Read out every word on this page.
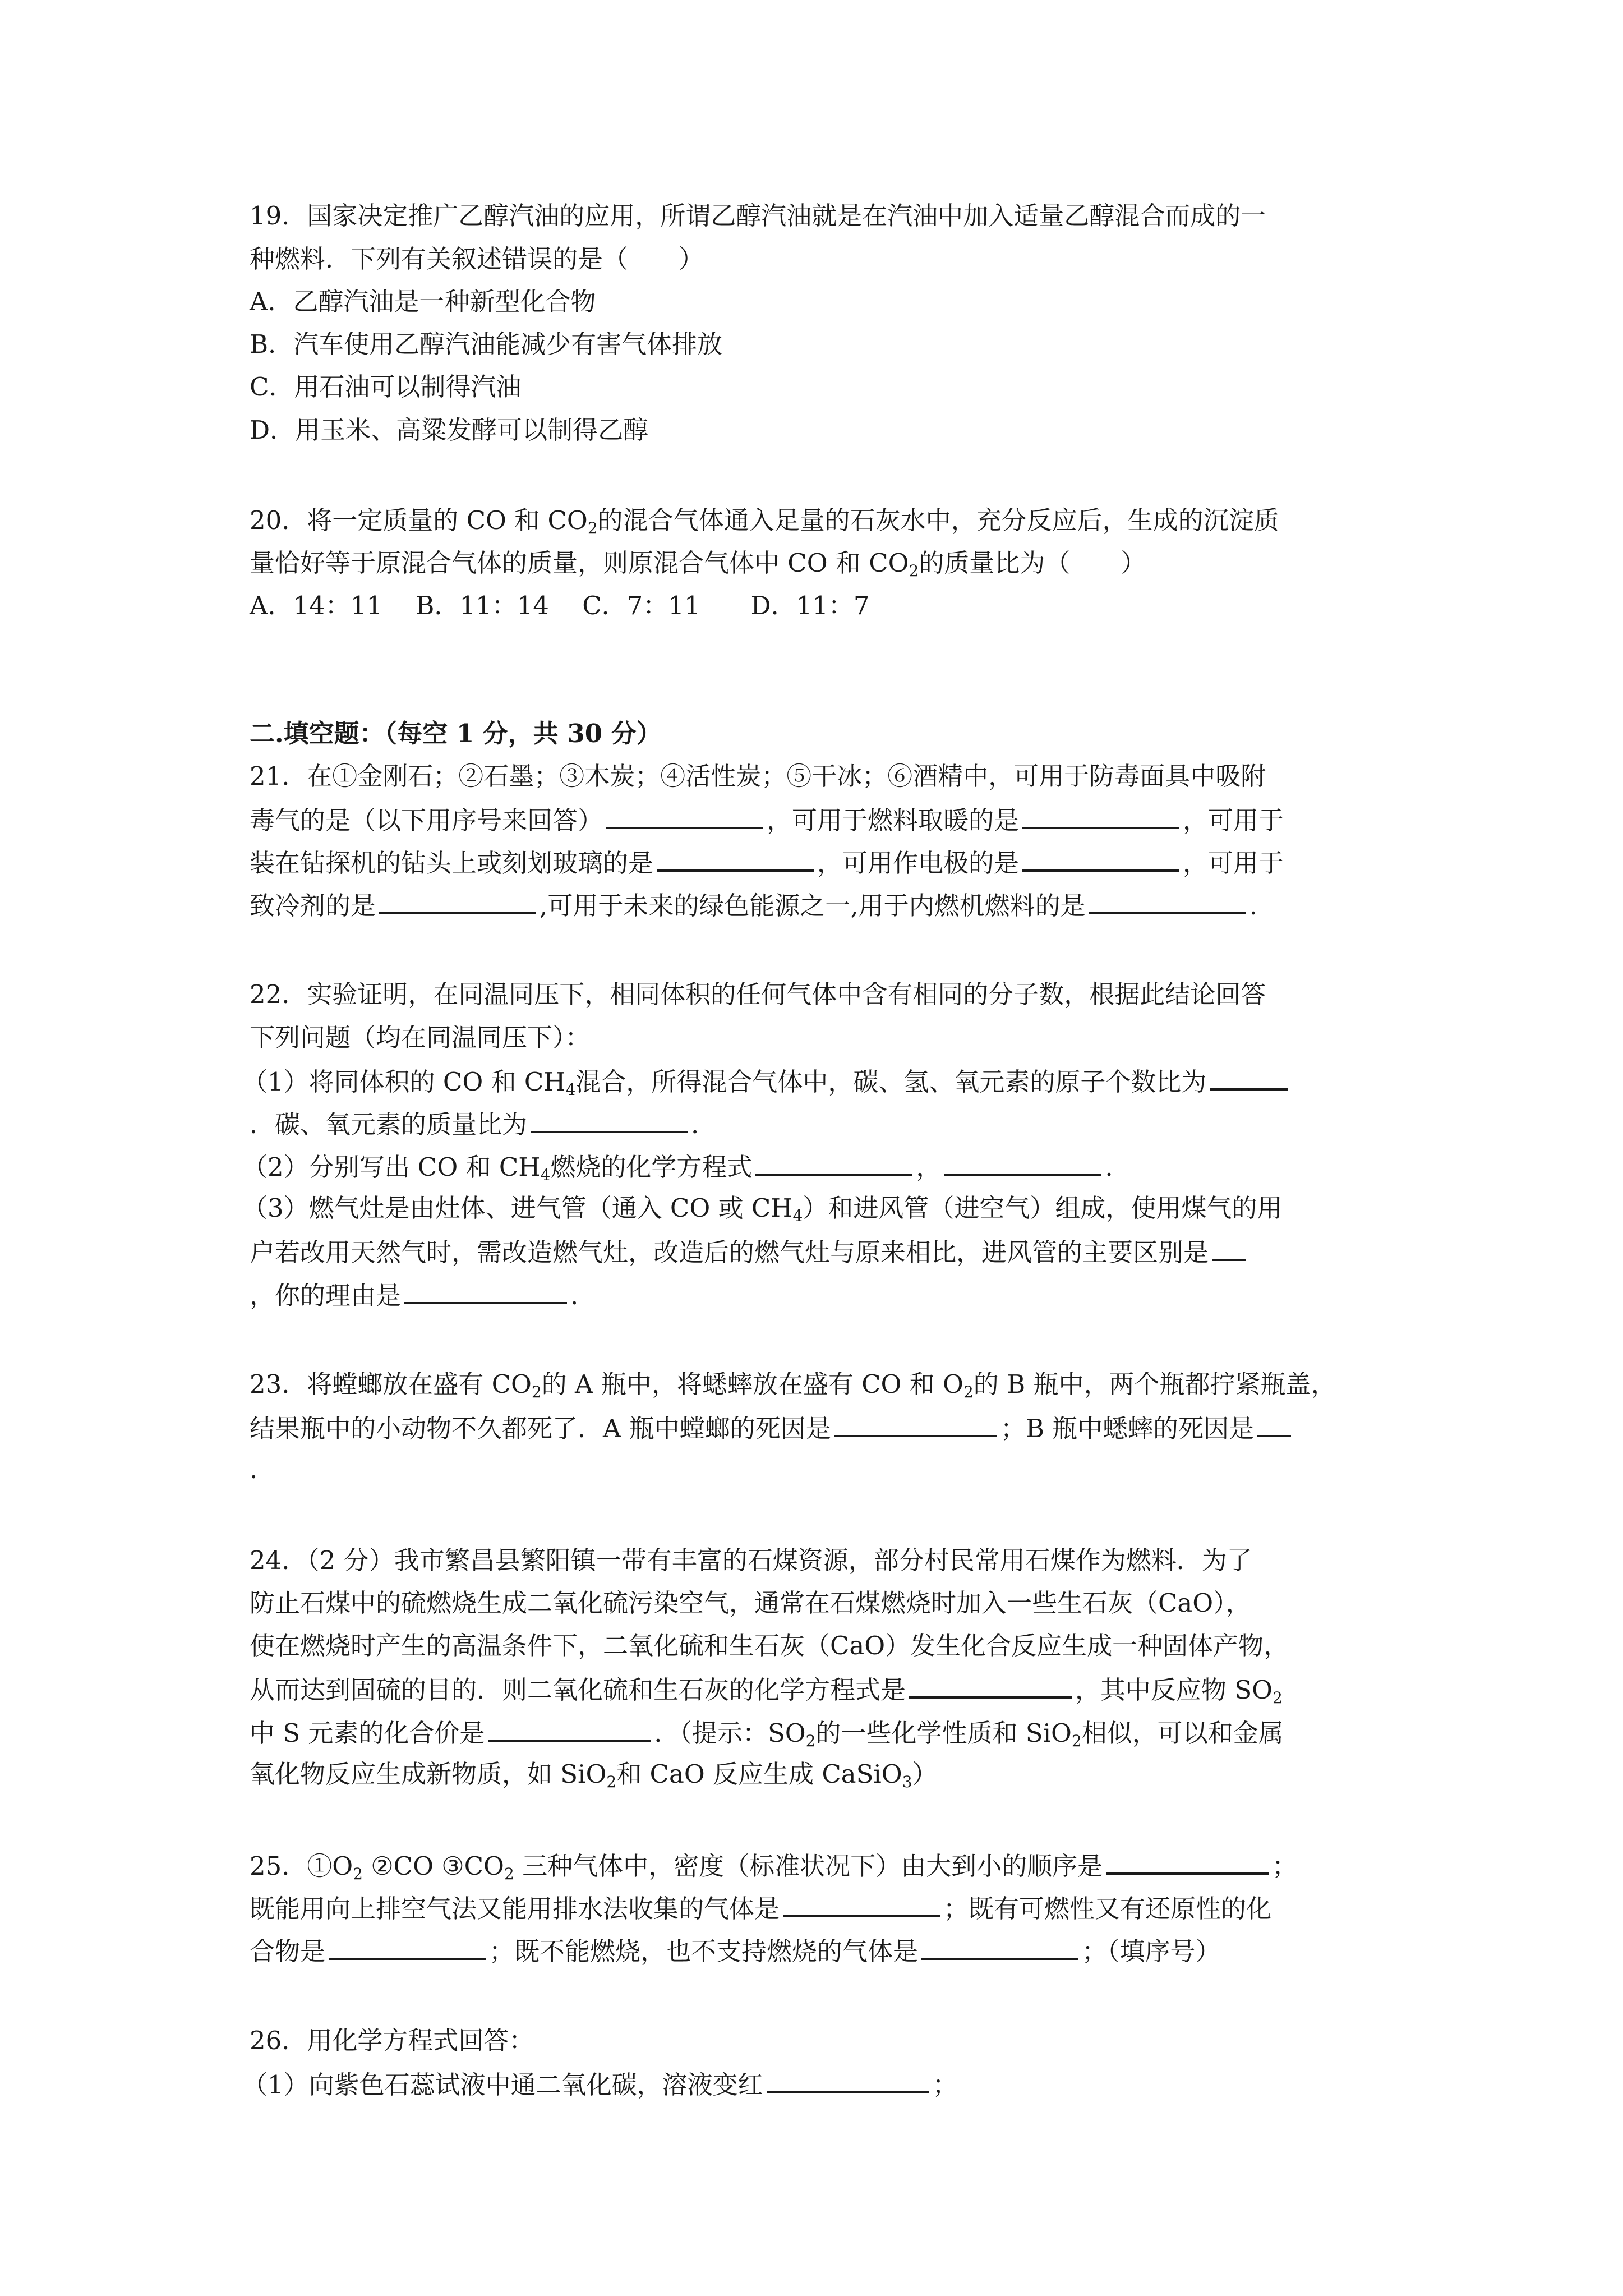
19．国家决定推广乙醇汽油的应用，所谓乙醇汽油就是在汽油中加入适量乙醇混合而成的一
种燃料．下列有关叙述错误的是（　　）
A．乙醇汽油是一种新型化合物
B．汽车使用乙醇汽油能减少有害气体排放
C．用石油可以制得汽油
D．用玉米、高粱发酵可以制得乙醇
20．将一定质量的 CO 和 $CO_2$的混合气体通入足量的石灰水中，充分反应后，生成的沉淀质
量恰好等于原混合气体的质量，则原混合气体中 CO 和 $CO_2$的质量比为（　　）
A．14：11　 B．11：14　 C．7：11　　D．11：7
二.填空题：（每空 1 分，共 30 分）
21．在①金刚石；②石墨；③木炭；④活性炭；⑤干冰；⑥酒精中，可用于防毒面具中吸附
毒气的是（以下用序号来回答）	，可用于燃料取暖的是	，可用于
装在钻探机的钻头上或刻划玻璃的是	，可用作电极的是	，可用于
致冷剂的是	,可用于未来的绿色能源之一,用于内燃机燃料的是	.
22．实验证明，在同温同压下，相同体积的任何气体中含有相同的分子数，根据此结论回答
下列问题（均在同温同压下）：
（1）将同体积的 CO 和 $CH_4$混合，所得混合气体中，碳、氢、氧元素的原子个数比为
．碳、氧元素的质量比为	.
（2）分别写出 CO 和 $CH_4$燃烧的化学方程式	，	.
（3）燃气灶是由灶体、进气管（通入 CO 或 $CH_4$）和进风管（进空气）组成，使用煤气的用
户若改用天然气时，需改造燃气灶，改造后的燃气灶与原来相比，进风管的主要区别是
，你的理由是	.
23．将螳螂放在盛有 $CO_2$的 A 瓶中，将蟋蟀放在盛有 CO 和 $O_2$的 B 瓶中，两个瓶都拧紧瓶盖，
结果瓶中的小动物不久都死了．A 瓶中螳螂的死因是	；B 瓶中蟋蟀的死因是
.
24．（2 分）我市繁昌县繁阳镇一带有丰富的石煤资源，部分村民常用石煤作为燃料．为了
防止石煤中的硫燃烧生成二氧化硫污染空气，通常在石煤燃烧时加入一些生石灰（CaO），
使在燃烧时产生的高温条件下，二氧化硫和生石灰（CaO）发生化合反应生成一种固体产物，
从而达到固硫的目的．则二氧化硫和生石灰的化学方程式是	，其中反应物 $SO_2$
中 S 元素的化合价是	．（提示：$SO_2$的一些化学性质和 SiO$_2$相似，可以和金属
氧化物反应生成新物质，如 SiO$_2$和 CaO 反应生成 CaSiO$_3$）
25．$①O_2$ ②CO $③CO_2$ 三种气体中，密度（标准状况下）由大到小的顺序是	；
既能用向上排空气法又能用排水法收集的气体是	；既有可燃性又有还原性的化
合物是	；既不能燃烧，也不支持燃烧的气体是	；（填序号）
26．用化学方程式回答：
（1）向紫色石蕊试液中通二氧化碳，溶液变红	；
